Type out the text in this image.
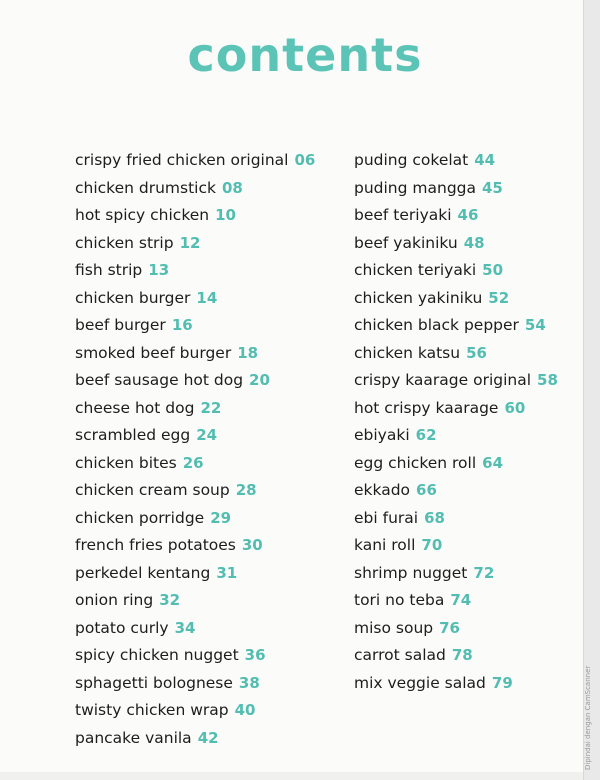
contents
crispy fried chicken original 06
chicken drumstick 08
hot spicy chicken 10
chicken strip 12
fish strip 13
chicken burger 14
beef burger 16
smoked beef burger 18
beef sausage hot dog 20
cheese hot dog 22
scrambled egg 24
chicken bites 26
chicken cream soup 28
chicken porridge 29
french fries potatoes 30
perkedel kentang 31
onion ring 32
potato curly 34
spicy chicken nugget 36
sphagetti bolognese 38
twisty chicken wrap 40
pancake vanila 42
puding cokelat 44
puding mangga 45
beef teriyaki 46
beef yakiniku 48
chicken teriyaki 50
chicken yakiniku 52
chicken black pepper 54
chicken katsu 56
crispy kaarage original 58
hot crispy kaarage 60
ebiyaki 62
egg chicken roll 64
ekkado 66
ebi furai 68
kani roll 70
shrimp nugget 72
tori no teba 74
miso soup 76
carrot salad 78
mix veggie salad 79	Dipindai dengan CamScanner
